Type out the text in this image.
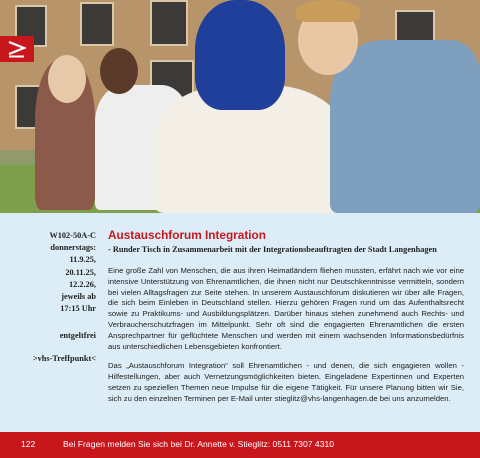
W102-50A-C
donnerstags:
11.9.25,
20.11.25,
12.2.26,
jeweils ab
17:15 Uhr
entgeltfrei
>vhs-Treffpunkt<
Austauschforum Integration
- Runder Tisch in Zusammenarbeit mit der Integrationsbeauftragten der Stadt Langenhagen
Eine große Zahl von Menschen, die aus ihren Heimatländern fliehen mussten, erfährt nach wie vor eine intensive Unterstützung von Ehrenamtlichen, die ihnen nicht nur Deutschkenntnisse vermitteln, sondern bei vielen Alltagsfragen zur Seite stehen. In unserem Austauschforum diskutieren wir über alle Fragen, die sich beim Einleben in Deutschland stellen. Hierzu gehören Fragen rund um das Aufenthaltsrecht sowie zu Praktikums- und Ausbildungsplätzen. Darüber hinaus stehen zunehmend auch Rechts- und Verbraucherschutzfragen im Mittelpunkt. Sehr oft sind die engagierten Ehrenamtlichen die ersten Ansprechpartner für geflüchtete Menschen und werden mit einem wachsenden Informationsbedürfnis aus unterschiedlichen Lebensgebieten konfrontiert.
Das „Austauschforum Integration“ soll Ehrenamtlichen - und denen, die sich engagieren wollen - Hilfestellungen, aber auch Vernetzungsmöglichkeiten bieten. Eingeladene Expertinnen und Experten setzen zu speziellen Themen neue Impulse für die eigene Tätigkeit. Für unsere Planung bitten wir Sie, sich zu den einzelnen Terminen per E-Mail unter stieglitz@vhs-langenhagen.de bei uns anzumelden.
122	Bei Fragen melden Sie sich bei Dr. Annette v. Stieglitz: 0511 7307 4310
